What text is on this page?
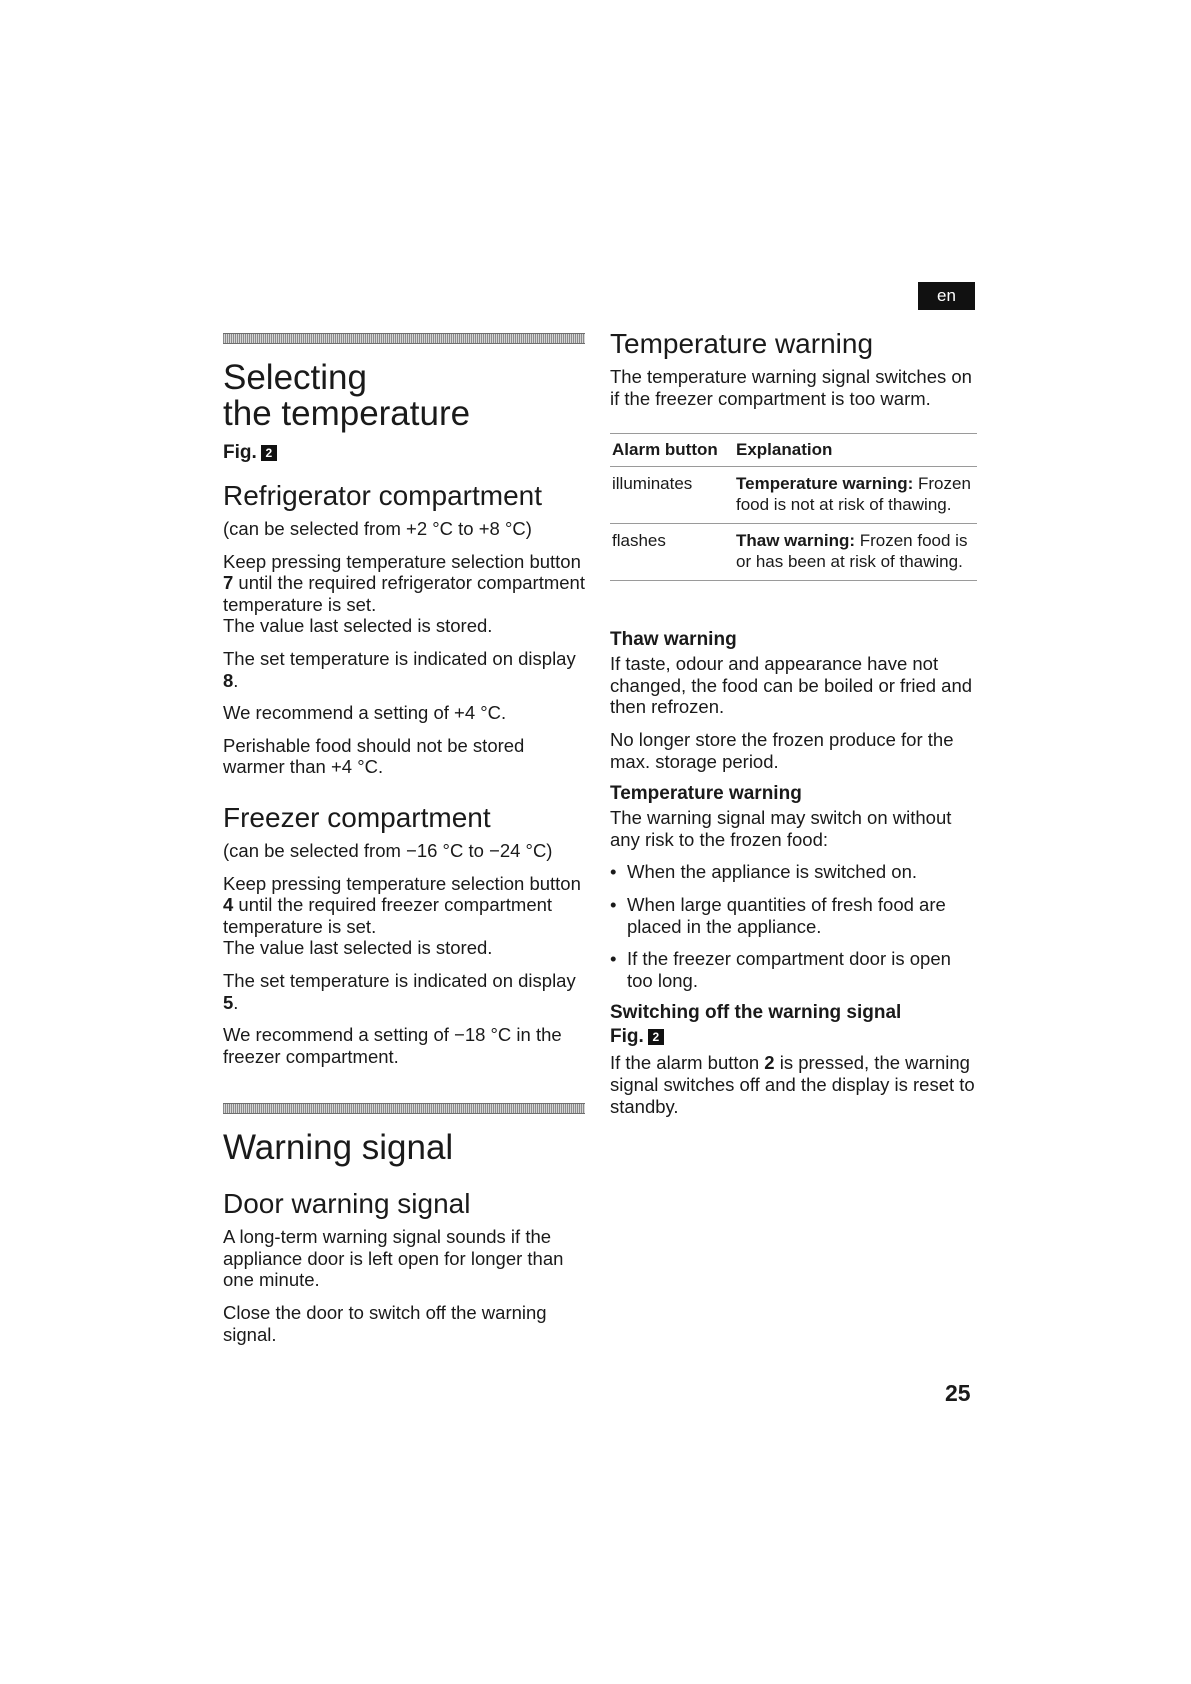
en
Selecting
the temperature
Fig. 2
Refrigerator compartment

(can be selected from +2 °C to +8 °C)

Keep pressing temperature selection button 7 until the required refrigerator compartment temperature is set.
The value last selected is stored.

The set temperature is indicated on display 8.

We recommend a setting of +4 °C.

Perishable food should not be stored warmer than +4 °C.

Freezer compartment

(can be selected from −16 °C to −24 °C)

Keep pressing temperature selection button 4 until the required freezer compartment temperature is set.
The value last selected is stored.

The set temperature is indicated on display 5.

We recommend a setting of −18 °C in the freezer compartment.

Warning signal
Door warning signal

A long-term warning signal sounds if the appliance door is left open for longer than one minute.

Close the door to switch off the warning signal.

Temperature warning

The temperature warning signal switches on if the freezer compartment is too warm.

Alarm button	Explanation
illuminates	Temperature warning: Frozen food is not at risk of thawing.
flashes	Thaw warning: Frozen food is or has been at risk of thawing.
Thaw warning

If taste, odour and appearance have not changed, the food can be boiled or fried and then refrozen.

No longer store the frozen produce for the max. storage period.

Temperature warning

The warning signal may switch on without any risk to the frozen food:

• When the appliance is switched on.
• When large quantities of fresh food are placed in the appliance.
• If the freezer compartment door is open too long.
Switching off the warning signal
Fig. 2

If the alarm button 2 is pressed, the warning signal switches off and the display is reset to standby.

25
